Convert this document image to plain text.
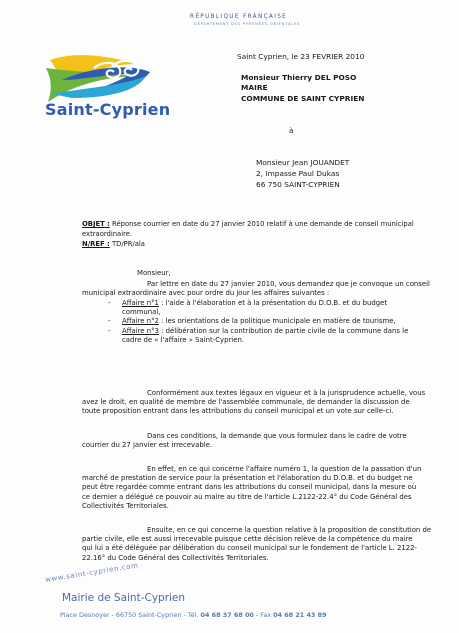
RÉPUBLIQUE FRANÇAISE
DÉPARTEMENT DES PYRÉNÉES-ORIENTALES
Saint-Cyprien
Saint Cyprien, le 23 FEVRIER 2010
Monsieur Thierry DEL POSO
MAIRE
COMMUNE DE SAINT CYPRIEN
à
Monsieur Jean JOUANDET
2, Impasse Paul Dukas
66 750 SAINT-CYPRIEN
OBJET : Réponse courrier en date du 27 janvier 2010 relatif à une demande de conseil municipal
extraordinaire.
N/REF : TD/PR/ala
Monsieur,
Par lettre en date du 27 janvier 2010, vous demandez que je convoque un conseil
municipal extraordinaire avec pour ordre du jour les affaires suivantes :
- Affaire n°1 : l'aide à l'élaboration et à la présentation du D.O.B. et du budget
communal,
- Affaire n°2 : les orientations de la politique municipale en matière de tourisme,
- Affaire n°3 : délibération sur la contribution de partie civile de la commune dans le
cadre de « l'affaire » Saint-Cyprien.
Conformément aux textes légaux en vigueur et à la jurisprudence actuelle, vous
avez le droit, en qualité de membre de l'assemblée communale, de demander la discussion de
toute proposition entrant dans les attributions du conseil municipal et un vote sur celle-ci.
Dans ces conditions, la demande que vous formulez dans le cadre de votre
courrier du 27 janvier est irrecevable.
En effet, en ce qui concerne l'affaire numéro 1, la question de la passation d'un
marché de prestation de service pour la présentation et l'élaboration du D.O.B. et du budget ne
peut être regardée comme entrant dans les attributions du conseil municipal, dans la mesure où
ce dernier a délégué ce pouvoir au maire au titre de l'article L.2122-22.4° du Code Général des
Collectivités Territoriales.
Ensuite, en ce qui concerne la question relative à la proposition de constitution de
partie civile, elle est aussi irrecevable puisque cette décision relève de la compétence du maire
qui lui a été déléguée par délibération du conseil municipal sur le fondement de l'article L. 2122-
22.16° du Code Général des Collectivités Territoriales.
www.saint-cyprien.com
Mairie de Saint-Cyprien
Place Desnoyer - 66750 Saint-Cyprien - Tél. 04 68 37 68 00 - Fax 04 68 21 43 89
